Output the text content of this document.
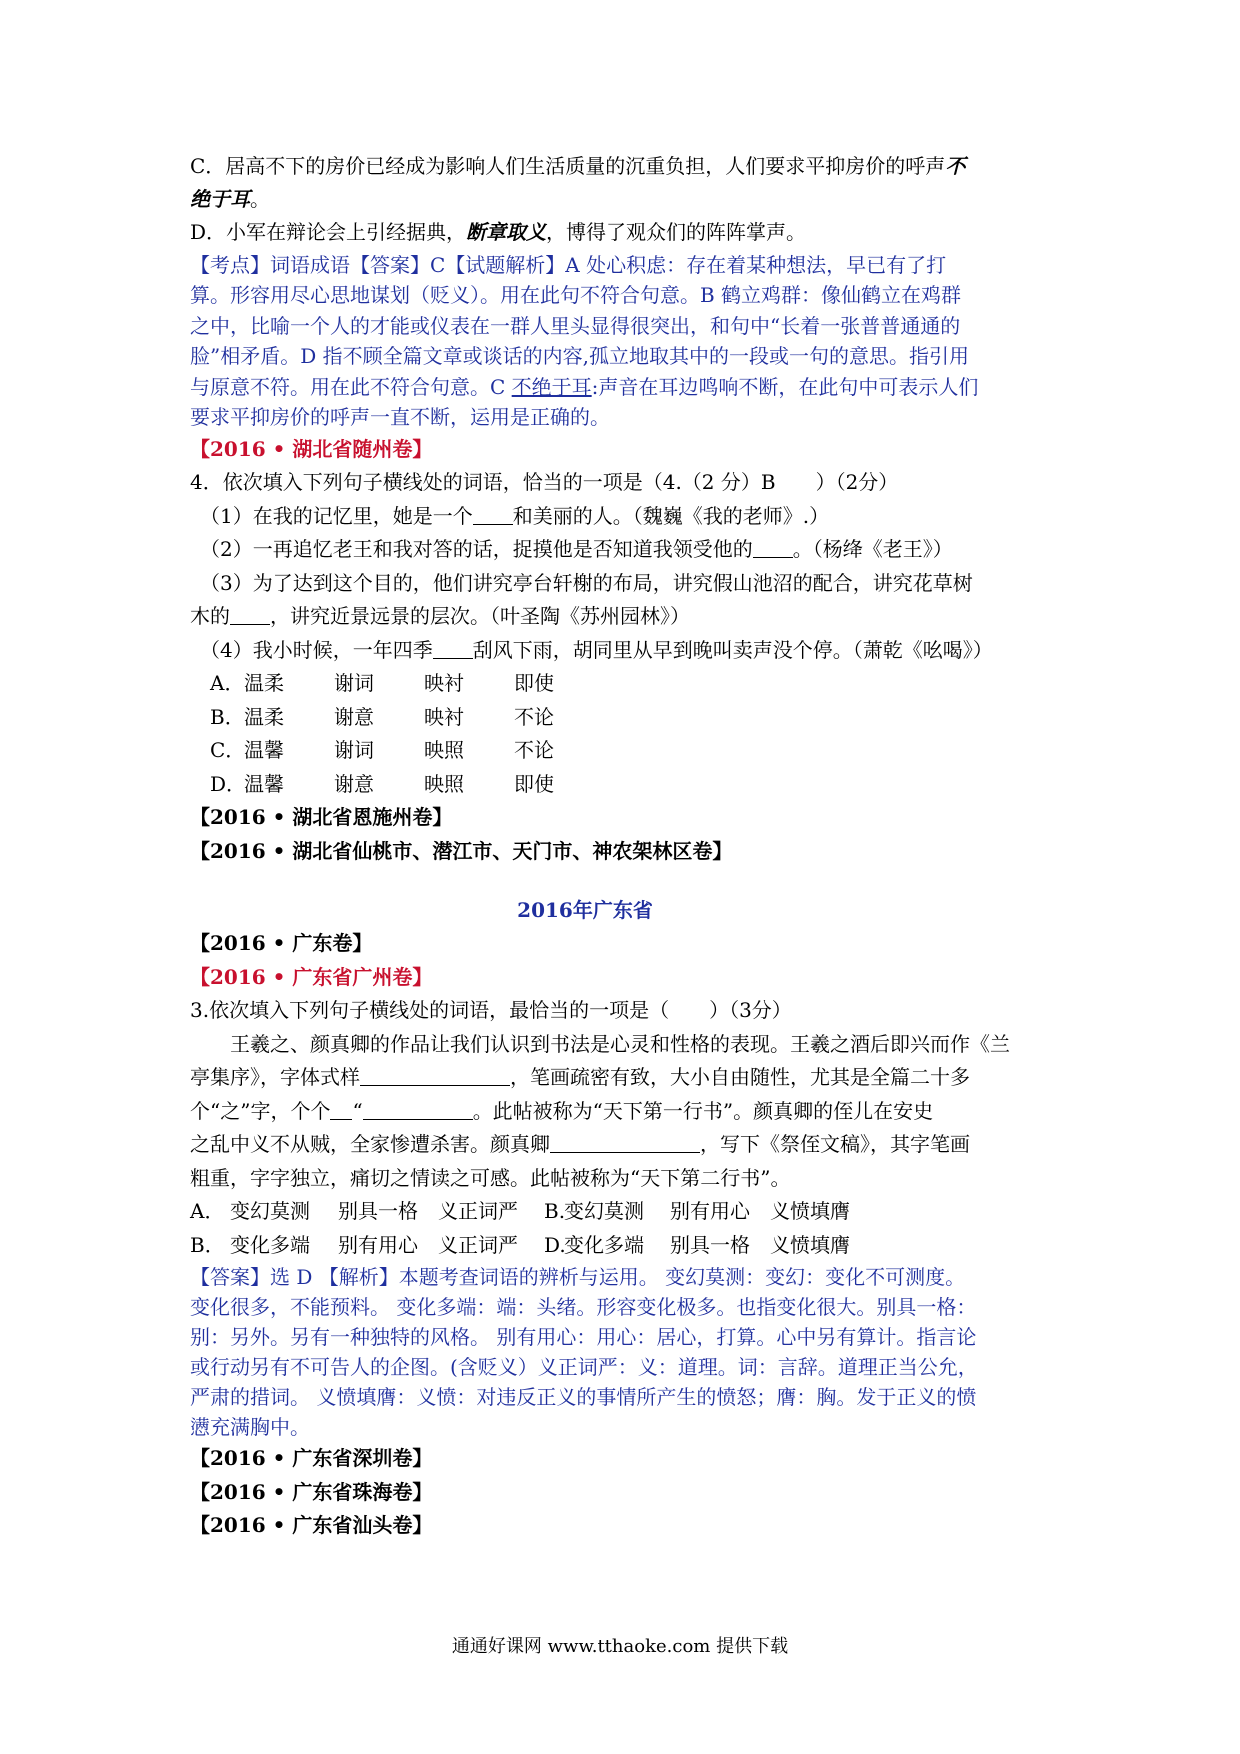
C．居高不下的房价已经成为影响人们生活质量的沉重负担，人们要求平抑房价的呼声不绝于耳。
D．小军在辩论会上引经据典，断章取义，博得了观众们的阵阵掌声。
【考点】词语成语【答案】C【试题解析】A 处心积虑：存在着某种想法，早已有了打算。形容用尽心思地谋划（贬义）。用在此句不符合句意。B 鹤立鸡群：像仙鹤立在鸡群之中，比喻一个人的才能或仪表在一群人里头显得很突出，和句中“长着一张普普通通的脸”相矛盾。D 指不顾全篇文章或谈话的内容,孤立地取其中的一段或一句的意思。指引用与原意不符。用在此不符合句意。C 不绝于耳:声音在耳边鸣响不断，在此句中可表示人们要求平抑房价的呼声一直不断，运用是正确的。
【2016 • 湖北省随州卷】
4．依次填入下列句子横线处的词语，恰当的一项是（4.（2 分）B　　）（2分）
（1）在我的记忆里，她是一个 和美丽的人。（魏巍《我的老师》.）
（2）一再追忆老王和我对答的话，捉摸他是否知道我领受他的 。（杨绛《老王》）
（3）为了达到这个目的，他们讲究亭台轩榭的布局，讲究假山池沼的配合，讲究花草树
木的 ，讲究近景远景的层次。（叶圣陶《苏州园林》）
（4）我小时候，一年四季 刮风下雨，胡同里从早到晚叫卖声没个停。（萧乾《吆喝》）
A．温柔	谢词	映衬	即使
B．温柔	谢意	映衬	不论
C．温馨	谢词	映照	不论
D．温馨	谢意	映照	即使
【2016 • 湖北省恩施州卷】
【2016 • 湖北省仙桃市、潜江市、天门市、神农架林区卷】
2016年广东省
【2016 • 广东卷】
【2016 • 广东省广州卷】
3.依次填入下列句子横线处的词语，最恰当的一项是（　　）（3分）
王羲之、颜真卿的作品让我们认识到书法是心灵和性格的表现。王羲之酒后即兴而作《兰
亭集序》，字体式样	，笔画疏密有致，大小自由随性，尤其是全篇二十多
个“之”字，个个 “	。此帖被称为“天下第一行书”。颜真卿的侄儿在安史
之乱中义不从贼，全家惨遭杀害。颜真卿	，写下《祭侄文稿》，其字笔画
粗重，字字独立，痛切之情读之可感。此帖被称为“天下第二行书”。
A． 变幻莫测 别具一格 义正词严 B.变幻莫测 别有用心 义愤填膺
B． 变化多端 别有用心 义正词严 D.变化多端 别具一格 义愤填膺
【答案】选 D 【解析】本题考查词语的辨析与运用。 变幻莫测：变幻：变化不可测度。变化很多，不能预料。 变化多端：端：头绪。形容变化极多。也指变化很大。别具一格：别：另外。另有一种独特的风格。 别有用心：用心：居心，打算。心中另有算计。指言论或行动另有不可告人的企图。(含贬义）义正词严：义：道理。词：言辞。道理正当公允，严肃的措词。 义愤填膺：义愤：对违反正义的事情所产生的愤怒；膺：胸。发于正义的愤懑充满胸中。
【2016 • 广东省深圳卷】
【2016 • 广东省珠海卷】
【2016 • 广东省汕头卷】
通通好课网 www.tthaoke.com 提供下载
